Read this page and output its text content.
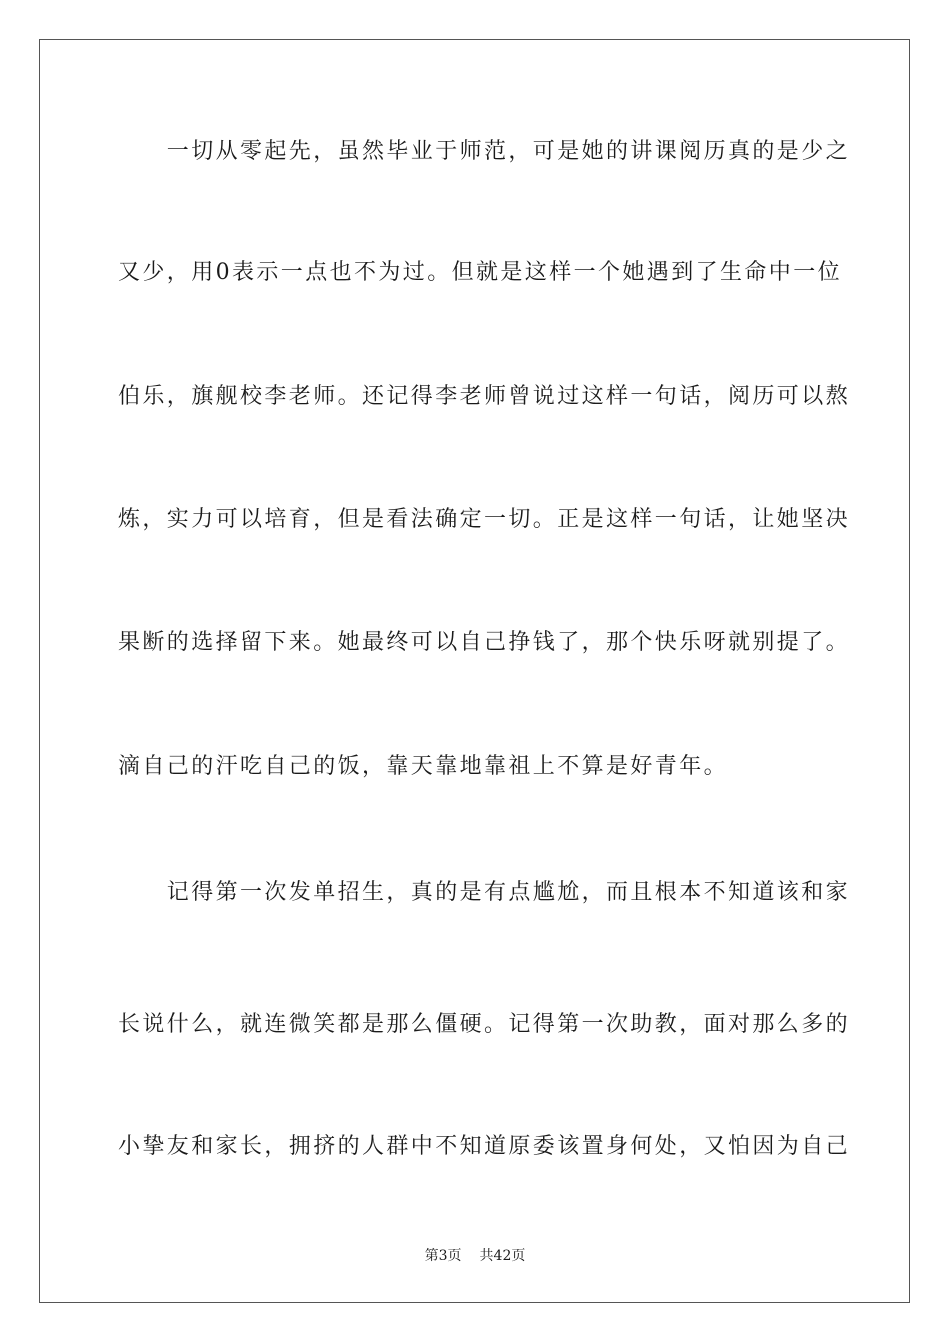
　　一切从零起先，虽然毕业于师范，可是她的讲课阅历真的是少之
又少，用0表示一点也不为过。但就是这样一个她遇到了生命中一位
伯乐，旗舰校李老师。还记得李老师曾说过这样一句话，阅历可以熬
炼，实力可以培育，但是看法确定一切。正是这样一句话，让她坚决
果断的选择留下来。她最终可以自己挣钱了，那个快乐呀就别提了。
滴自己的汗吃自己的饭，靠天靠地靠祖上不算是好青年。
　　记得第一次发单招生，真的是有点尴尬，而且根本不知道该和家
长说什么，就连微笑都是那么僵硬。记得第一次助教，面对那么多的
小挚友和家长，拥挤的人群中不知道原委该置身何处，又怕因为自己
第3页 共42页
